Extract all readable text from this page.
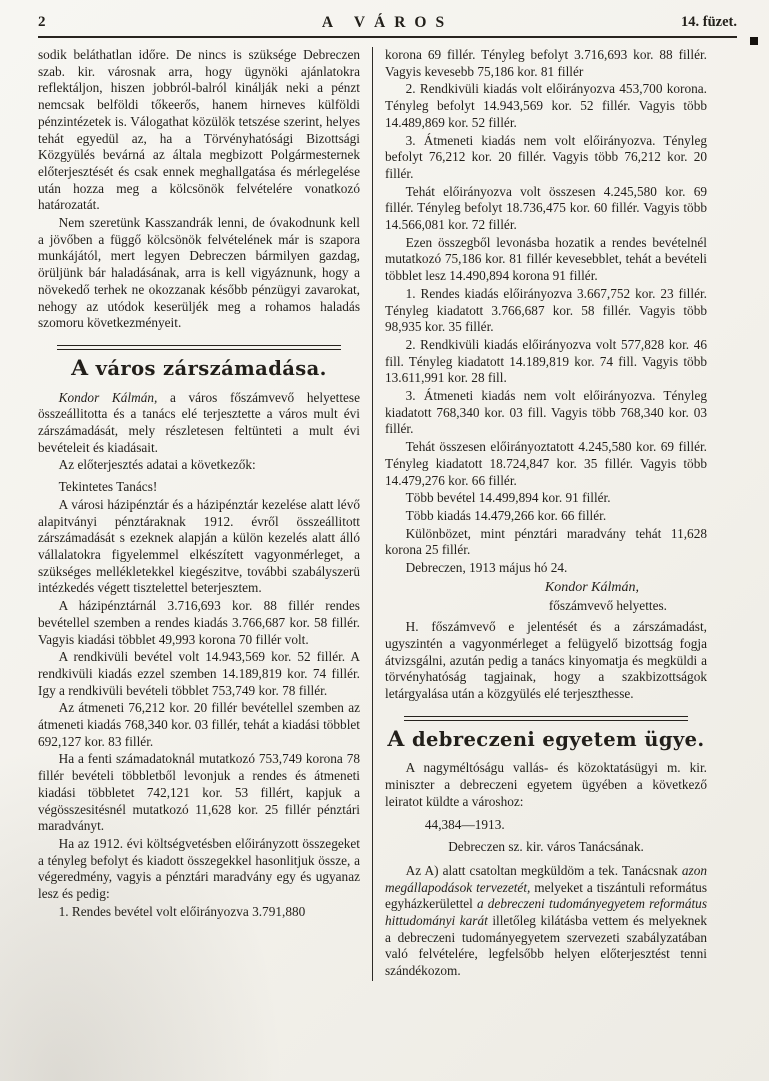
2	A VÁROS	14. füzet.

sodik beláthatlan időre. De nincs is szüksége Debreczen szab. kir. városnak arra, hogy ügynöki ajánlatokra reflektáljon, hiszen jobbról-balról kinálják neki a pénzt nemcsak belföldi tőkeerős, hanem hirneves külföldi pénzintézetek is. Válogathat közülök tetszése szerint, helyes tehát egyedül az, ha a Törvényhatósági Bizottsági Közgyülés bevárná az általa megbizott Polgármesternek előterjesztését és csak ennek meghallgatása és mérlegelése után hozza meg a kölcsönök felvételére vonatkozó határozatát.

Nem szeretünk Kasszandrák lenni, de óvakodnunk kell a jövőben a függő kölcsönök felvételének már is szapora munkájától, mert legyen Debreczen bármilyen gazdag, örüljünk bár haladásának, arra is kell vigyáznunk, hogy a növekedő terhek ne okozzanak később pénzügyi zavarokat, nehogy az utódok keserüljék meg a rohamos haladás szomoru következményeit.

A város zárszámadása.

Kondor Kálmán, a város főszámvevő helyettese összeállitotta és a tanács elé terjesztette a város mult évi zárszámadását, mely részletesen feltünteti a mult évi bevételeit és kiadásait.

Az előterjesztés adatai a következők:

Tekintetes Tanács!

A városi házipénztár és a házipénztár kezelése alatt lévő alapitványi pénztáraknak 1912. évről összeállitott zárszámadását s ezeknek alapján a külön kezelés alatt álló vállalatokra figyelemmel elkészített vagyonmérleget, a szükséges mellékletekkel kiegészitve, további szabályszerü intézkedés végett tisztelettel beterjesztem.

A házipénztárnál 3.716,693 kor. 88 fillér rendes bevétellel szemben a rendes kiadás 3.766,687 kor. 58 fillér. Vagyis kiadási többlet 49,993 korona 70 fillér volt.

A rendkivüli bevétel volt 14.943,569 kor. 52 fillér. A rendkivüli kiadás ezzel szemben 14.189,819 kor. 74 fillér. Igy a rendkivüli bevételi többlet 753,749 kor. 78 fillér.

Az átmeneti 76,212 kor. 20 fillér bevétellel szemben az átmeneti kiadás 768,340 kor. 03 fillér, tehát a kiadási többlet 692,127 kor. 83 fillér.

Ha a fenti számadatoknál mutatkozó 753,749 korona 78 fillér bevételi többletből levonjuk a rendes és átmeneti kiadási többletet 742,121 kor. 53 fillért, kapjuk a végösszesitésnél mutatkozó 11,628 kor. 25 fillér pénztári maradványt.

Ha az 1912. évi költségvetésben előirányzott összegeket a tényleg befolyt és kiadott összegekkel hasonlitjuk össze, a végeredmény, vagyis a pénztári maradvány egy és ugyanaz lesz és pedig:

1. Rendes bevétel volt előirányozva 3.791,880

korona 69 fillér. Tényleg befolyt 3.716,693 kor. 88 fillér. Vagyis kevesebb 75,186 kor. 81 fillér

2. Rendkivüli kiadás volt előirányozva 453,700 korona. Tényleg befolyt 14.943,569 kor. 52 fillér. Vagyis több 14.489,869 kor. 52 fillér.

3. Átmeneti kiadás nem volt előirányozva. Tényleg befolyt 76,212 kor. 20 fillér. Vagyis több 76,212 kor. 20 fillér.

Tehát előirányozva volt összesen 4.245,580 kor. 69 fillér. Tényleg befolyt 18.736,475 kor. 60 fillér. Vagyis több 14.566,081 kor. 72 fillér.

Ezen összegből levonásba hozatik a rendes bevételnél mutatkozó 75,186 kor. 81 fillér kevesebblet, tehát a bevételi többlet lesz 14.490,894 korona 91 fillér.

1. Rendes kiadás előirányozva 3.667,752 kor. 23 fillér. Tényleg kiadatott 3.766,687 kor. 58 fillér. Vagyis több 98,935 kor. 35 fillér.

2. Rendkivüli kiadás előirányozva volt 577,828 kor. 46 fill. Tényleg kiadatott 14.189,819 kor. 74 fill. Vagyis több 13.611,991 kor. 28 fill.

3. Átmeneti kiadás nem volt előirányozva. Tényleg kiadatott 768,340 kor. 03 fill. Vagyis több 768,340 kor. 03 fillér.

Tehát összesen előirányoztatott 4.245,580 kor. 69 fillér. Tényleg kiadatott 18.724,847 kor. 35 fillér. Vagyis több 14.479,276 kor. 66 fillér.

Több bevétel 14.499,894 kor. 91 fillér.

Több kiadás 14.479,266 kor. 66 fillér.

Különbözet, mint pénztári maradvány tehát 11,628 korona 25 fillér.

Debreczen, 1913 május hó 24.

Kondor Kálmán,

főszámvevő helyettes.

H. főszámvevő e jelentését és a zárszámadást, ugyszintén a vagyonmérleget a felügyelő bizottság fogja átvizsgálni, azután pedig a tanács kinyomatja és megküldi a törvényhatóság tagjainak, hogy a szakbizottságok letárgyalása után a közgyülés elé terjeszthesse.

A debreczeni egyetem ügye.

A nagyméltóságu vallás- és közoktatásügyi m. kir. miniszter a debreczeni egyetem ügyében a következő leiratot küldte a városhoz:

44,384—1913.

Debreczen sz. kir. város Tanácsának.

Az A) alatt csatoltan megküldöm a tek. Tanácsnak azon megállapodások tervezetét, melyeket a tiszántuli református egyházkerülettel a debreczeni tudományegyetem református hittudományi karát illetőleg kilátásba vettem és melyeknek a debreczeni tudományegyetem szervezeti szabályzatában való felvételére, legfelsőbb helyen előterjesztést tenni szándékozom.
